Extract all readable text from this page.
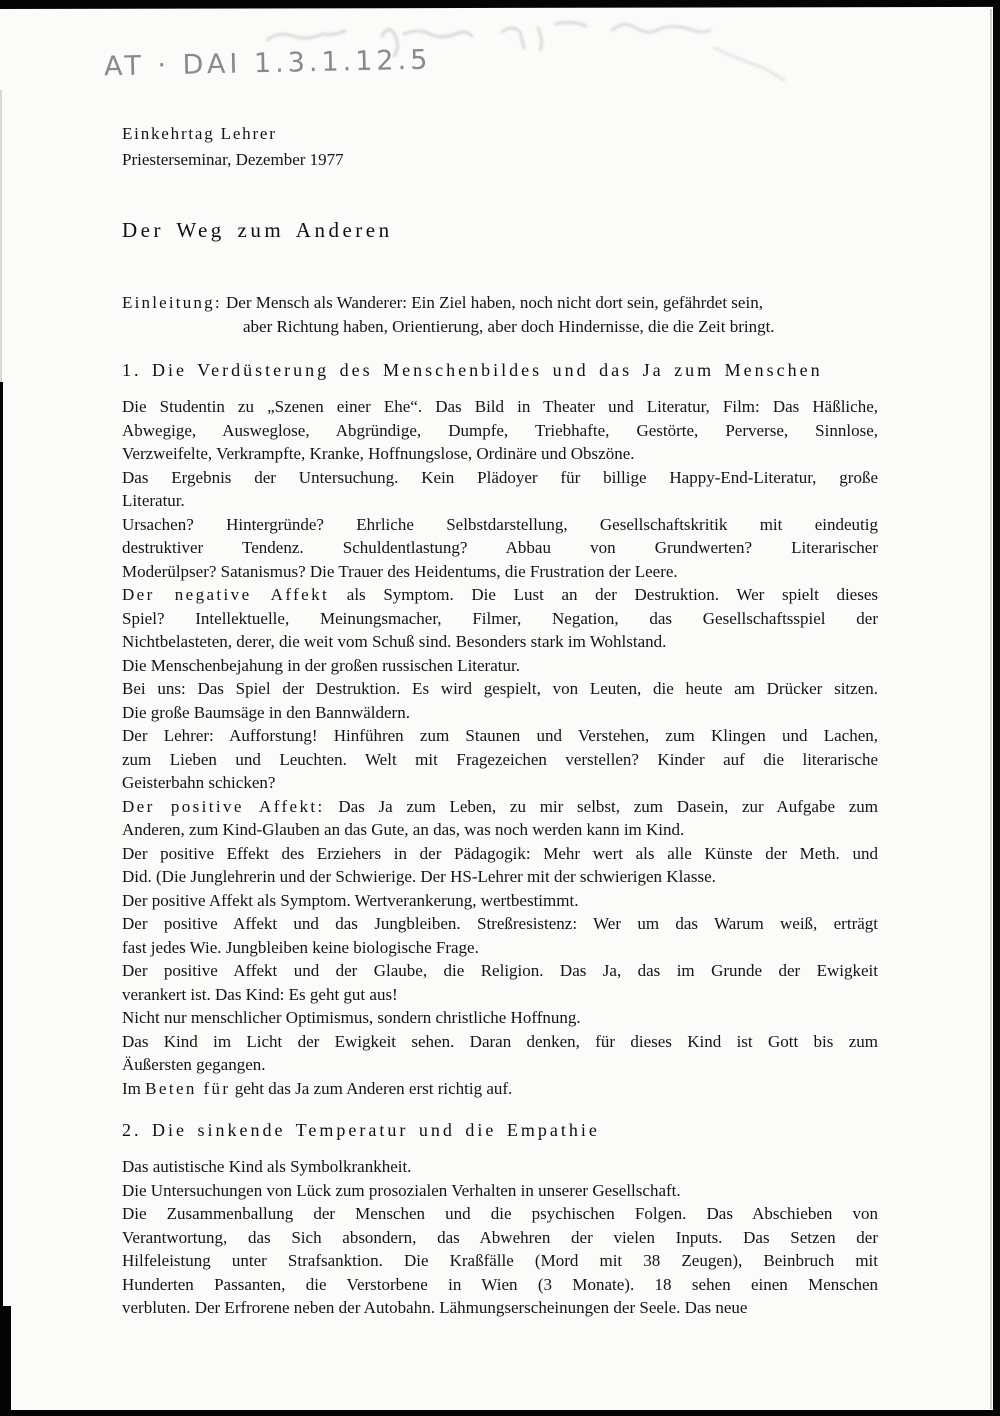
AT · DAI 1.3.1.12.5
Einkehrtag Lehrer
Priesterseminar, Dezember 1977
Der Weg zum Anderen
Einleitung: Der Mensch als Wanderer: Ein Ziel haben, noch nicht dort sein, gefährdet sein,
aber Richtung haben, Orientierung, aber doch Hindernisse, die die Zeit bringt.
1. Die Verdüsterung des Menschenbildes und das Ja zum Menschen
Die Studentin zu „Szenen einer Ehe“. Das Bild in Theater und Literatur, Film: Das Häßliche,
Abwegige, Ausweglose, Abgründige, Dumpfe, Triebhafte, Gestörte, Perverse, Sinnlose,
Verzweifelte, Verkrampfte, Kranke, Hoffnungslose, Ordinäre und Obszöne.
Das Ergebnis der Untersuchung. Kein Plädoyer für billige Happy-End-Literatur, große
Literatur.
Ursachen? Hintergründe? Ehrliche Selbstdarstellung, Gesellschaftskritik mit eindeutig
destruktiver Tendenz. Schuldentlastung? Abbau von Grundwerten? Literarischer
Moderülpser? Satanismus? Die Trauer des Heidentums, die Frustration der Leere.
Der negative Affekt als Symptom. Die Lust an der Destruktion. Wer spielt dieses
Spiel? Intellektuelle, Meinungsmacher, Filmer, Negation, das Gesellschaftsspiel der
Nichtbelasteten, derer, die weit vom Schuß sind. Besonders stark im Wohlstand.
Die Menschenbejahung in der großen russischen Literatur.
Bei uns: Das Spiel der Destruktion. Es wird gespielt, von Leuten, die heute am Drücker sitzen.
Die große Baumsäge in den Bannwäldern.
Der Lehrer: Aufforstung! Hinführen zum Staunen und Verstehen, zum Klingen und Lachen,
zum Lieben und Leuchten. Welt mit Fragezeichen verstellen? Kinder auf die literarische
Geisterbahn schicken?
Der positive Affekt: Das Ja zum Leben, zu mir selbst, zum Dasein, zur Aufgabe zum
Anderen, zum Kind-Glauben an das Gute, an das, was noch werden kann im Kind.
Der positive Effekt des Erziehers in der Pädagogik: Mehr wert als alle Künste der Meth. und
Did. (Die Junglehrerin und der Schwierige. Der HS-Lehrer mit der schwierigen Klasse.
Der positive Affekt als Symptom. Wertverankerung, wertbestimmt.
Der positive Affekt und das Jungbleiben. Streßresistenz: Wer um das Warum weiß, erträgt
fast jedes Wie. Jungbleiben keine biologische Frage.
Der positive Affekt und der Glaube, die Religion. Das Ja, das im Grunde der Ewigkeit
verankert ist. Das Kind: Es geht gut aus!
Nicht nur menschlicher Optimismus, sondern christliche Hoffnung.
Das Kind im Licht der Ewigkeit sehen. Daran denken, für dieses Kind ist Gott bis zum
Äußersten gegangen.
Im Beten für geht das Ja zum Anderen erst richtig auf.
2. Die sinkende Temperatur und die Empathie
Das autistische Kind als Symbolkrankheit.
Die Untersuchungen von Lück zum prosozialen Verhalten in unserer Gesellschaft.
Die Zusammenballung der Menschen und die psychischen Folgen. Das Abschieben von
Verantwortung, das Sich absondern, das Abwehren der vielen Inputs. Das Setzen der
Hilfeleistung unter Strafsanktion. Die Kraßfälle (Mord mit 38 Zeugen), Beinbruch mit
Hunderten Passanten, die Verstorbene in Wien (3 Monate). 18 sehen einen Menschen
verbluten. Der Erfrorene neben der Autobahn. Lähmungserscheinungen der Seele. Das neue
